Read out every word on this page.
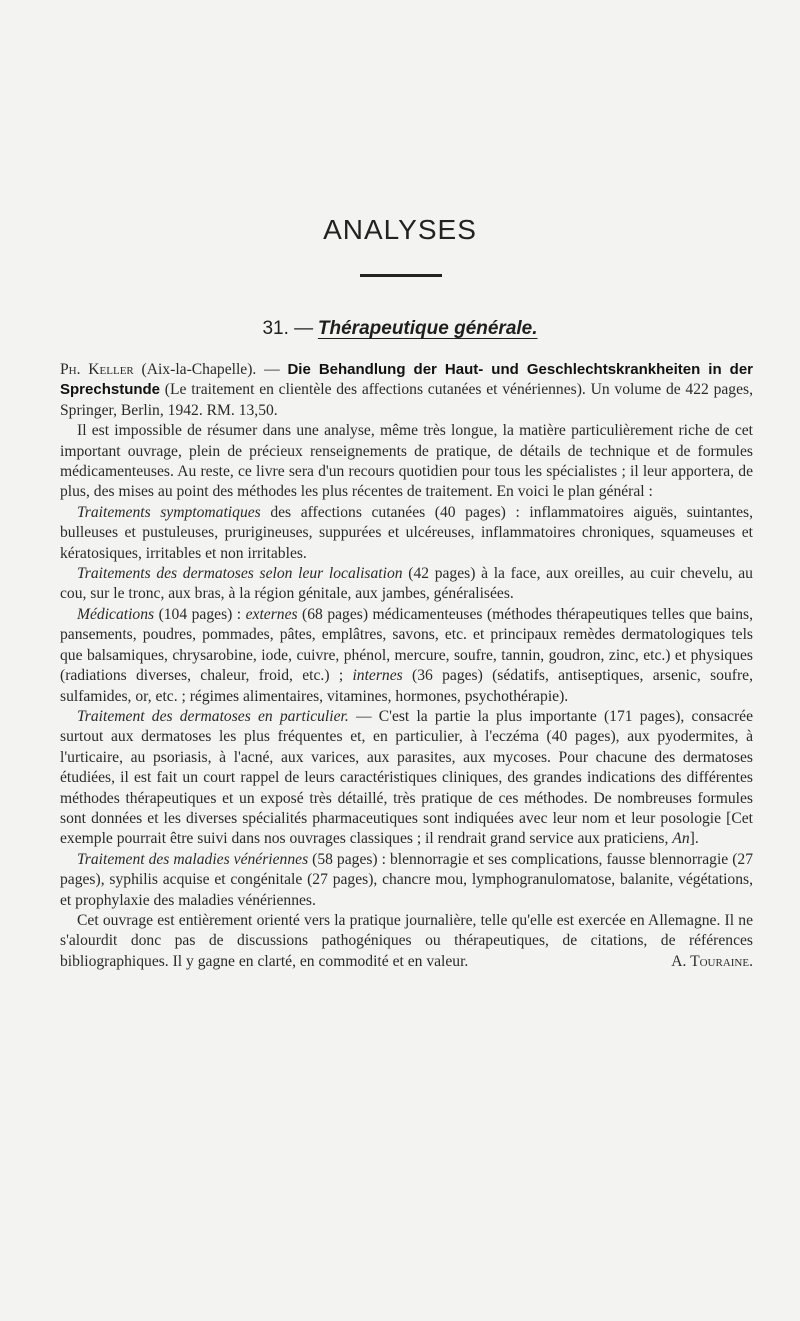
ANALYSES
31. — Thérapeutique générale.

Ph. Keller (Aix-la-Chapelle). — Die Behandlung der Haut- und Geschlechtskrankheiten in der Sprechstunde (Le traitement en clientèle des affections cutanées et vénériennes). Un volume de 422 pages, Springer, Berlin, 1942. RM. 13,50.

Il est impossible de résumer dans une analyse, même très longue, la matière particulièrement riche de cet important ouvrage, plein de précieux renseignements de pratique, de détails de technique et de formules médicamenteuses. Au reste, ce livre sera d'un recours quotidien pour tous les spécialistes ; il leur apportera, de plus, des mises au point des méthodes les plus récentes de traitement. En voici le plan général :

Traitements symptomatiques des affections cutanées (40 pages) : inflammatoires aiguës, suintantes, bulleuses et pustuleuses, prurigineuses, suppurées et ulcéreuses, inflammatoires chroniques, squameuses et kératosiques, irritables et non irritables.

Traitements des dermatoses selon leur localisation (42 pages) à la face, aux oreilles, au cuir chevelu, au cou, sur le tronc, aux bras, à la région génitale, aux jambes, généralisées.

Médications (104 pages) : externes (68 pages) médicamenteuses (méthodes thérapeutiques telles que bains, pansements, poudres, pommades, pâtes, emplâtres, savons, etc. et principaux remèdes dermatologiques tels que balsamiques, chrysarobine, iode, cuivre, phénol, mercure, soufre, tannin, goudron, zinc, etc.) et physiques (radiations diverses, chaleur, froid, etc.) ; internes (36 pages) (sédatifs, antiseptiques, arsenic, soufre, sulfamides, or, etc. ; régimes alimentaires, vitamines, hormones, psychothérapie).

Traitement des dermatoses en particulier. — C'est la partie la plus importante (171 pages), consacrée surtout aux dermatoses les plus fréquentes et, en particulier, à l'eczéma (40 pages), aux pyodermites, à l'urticaire, au psoriasis, à l'acné, aux varices, aux parasites, aux mycoses. Pour chacune des dermatoses étudiées, il est fait un court rappel de leurs caractéristiques cliniques, des grandes indications des différentes méthodes thérapeutiques et un exposé très détaillé, très pratique de ces méthodes. De nombreuses formules sont données et les diverses spécialités pharmaceutiques sont indiquées avec leur nom et leur posologie [Cet exemple pourrait être suivi dans nos ouvrages classiques ; il rendrait grand service aux praticiens, An].

Traitement des maladies vénériennes (58 pages) : blennorragie et ses complications, fausse blennorragie (27 pages), syphilis acquise et congénitale (27 pages), chancre mou, lymphogranulomatose, balanite, végétations, et prophylaxie des maladies vénériennes.

Cet ouvrage est entièrement orienté vers la pratique journalière, telle qu'elle est exercée en Allemagne. Il ne s'alourdit donc pas de discussions pathogéniques ou thérapeutiques, de citations, de références bibliographiques. Il y gagne en clarté, en commodité et en valeur.	A. Touraine.
